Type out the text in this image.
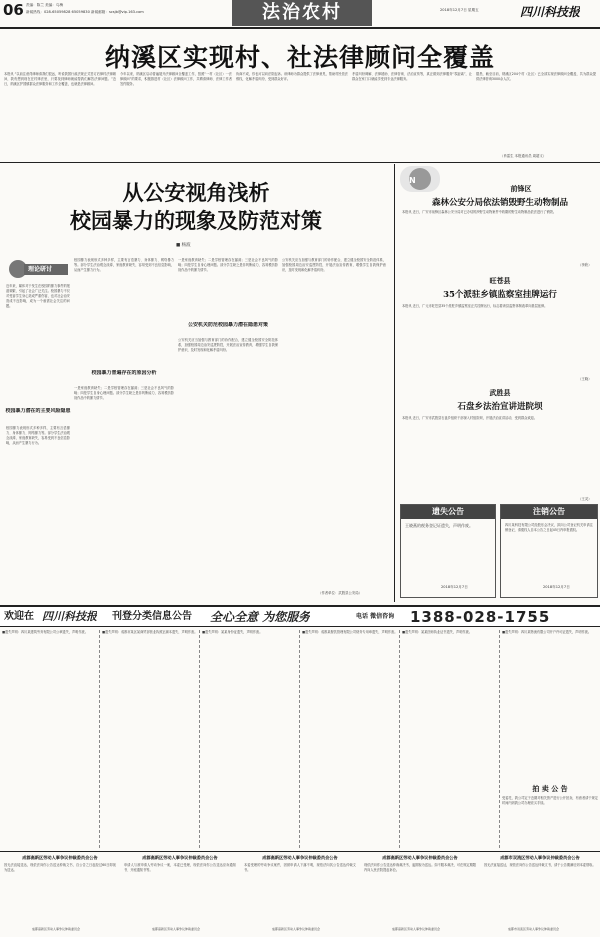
06 责编：陈兰 美编：乌梅
新闻热线：028-65059828 65059830 新闻邮箱：scsjb@vip.163.com	法治农村	2018年12月7日 星期五	四川科技报
纳溪区实现村、社法律顾问全覆盖
本报讯 “以前注意得律师请我们很远，听说我国行政法规正式签订后律村法律顾问，我有想到现在在村律法里，只要找到律师就能帮我们解答法律问题。”近日，纳溪区护国镇群众法律服务和工作全覆盖，也就是法律顾问。
今年以来，纳溪区启动普遍展开法律顾问全覆盖工作，按照“一村（社区）一法律顾问”的要求，积极推进村（社区）法律顾问工作，共聘请律师、法律工作者签约服务。
协商不成，你也可以向法院起诉。该律师为群众提供了法律意见，帮助村民依法维权，化解矛盾纠纷，受到群众好评。
矛盾纠纷调解、法律援助、法律咨询、法治宣传等，真正做到法律服务“零距离”，让群众在家门口就能享受到专业法律服务。
据悉，截至目前，纳溪区204个村（社区）已全部实现法律顾问全覆盖，共为群众提供法律咨询3000余人次。
（肖雷生 本报通讯员 周超义）
从公安视角浅析
校园暴力的现象及防范对策
■ 杨波
理论研讨
近年来，媒体对于发生在校园的暴力事件的报道频繁，引起了社会广泛关注。校园暴力不仅对受害学生身心造成严重伤害，也对社会治安造成不良影响，成为一个亟需社会关注的问题。
校园暴力潜在的主要风险隐患
校园暴力表现形式多种多样，主要有言语暴力、身体暴力、网络暴力等。部分学生法治观念淡薄，家庭教育缺失，容易受到不良信息影响，从而产生暴力行为。
校园暴力表现形式多种多样，主要有言语暴力、身体暴力、网络暴力等。部分学生法治观念淡薄，家庭教育缺失，容易受到不良信息影响，从而产生暴力行为。
校园暴力普遍存在的原因分析
一是家庭教育缺失；二是学校管理存在漏洞；三是社会不良风气的影响；四是学生自身心理问题。部分学生缺乏是非判断能力，容易模仿影视作品中的暴力情节。
一是家庭教育缺失；二是学校管理存在漏洞；三是社会不良风气的影响；四是学生自身心理问题。部分学生缺乏是非判断能力，容易模仿影视作品中的暴力情节。
公安机关防范校园暴力潜在隐患对策
公安机关应当加强与教育部门的协作配合，建立健全校园安全防范体系，加强校园周边治安巡逻防控，开展法治宣传教育，增强学生自我保护意识，及时发现和化解矛盾纠纷。
公安机关应当加强与教育部门的协作配合，建立健全校园安全防范体系，加强校园周边治安巡逻防控，开展法治宣传教育，增强学生自我保护意识，及时发现和化解矛盾纠纷。
（作者单位：武胜县公安局）
N
前锋区
森林公安分局依法销毁野生动物制品
本报讯 近日，广安市前锋区森林公安分局对已办结的涉野生动物案件中收缴的野生动物制品依法进行了销毁。
（李欣）
旺苍县
35个派驻乡镇监察室挂牌运行
本报讯 近日，广元市旺苍县35个派驻乡镇监察室正式挂牌运行，标志着该县监察体制改革向基层延伸。
（王晓）
武胜县
石盘乡法治宣讲进院坝
本报讯 近日，广安市武胜县石盘乡组织干部深入村组院坝，开展法治宣讲活动，受到群众欢迎。
（王灵）
遗失公告
王晓燕的税务登记证遗失，声明作废。
2018年12月7日
注销公告
四川某科技有限公司经股东会决议，拟向公司登记机关申请注销登记，请债权人自本公告之日起45日内申报债权。
2018年12月7日
欢迎在 四川科技报 刊登分类信息公告 全心全意 为您服务	电话 微信咨询 1388-028-1755
■遗失声明：四川某建筑劳务有限公司公章遗失，声明作废。	■遗失声明：成都市某区某商贸部营业执照正副本遗失，声明作废。	■遗失声明：某某身份证遗失，声明作废。	■遗失声明：成都某餐饮管理有限公司财务专用章遗失，声明作废。	■遗失声明：某某医师执业证书遗失，声明作废。	■遗失声明：四川某物流有限公司开户许可证遗失，声明作废。
拍 卖 公 告
受委托，我公司定于近期对相关资产进行公开拍卖，有意者请于规定时间内到我公司办理竞买手续。
成都高新区劳动人事争议仲裁委员会公告
因无法直接送达，现依法向你公告送达仲裁文书，自公告之日起经过60日即视为送达。
成都高新区劳动人事争议仲裁委员会
成都高新区劳动人事争议仲裁委员会公告
申请人与被申请人劳动争议一案，本委已受理，现依法向你公告送达应诉通知书、开庭通知书等。
成都高新区劳动人事争议仲裁委员会
成都高新区劳动人事争议仲裁委员会公告
本委受理的劳动争议案件，因被申请人下落不明，现依法向其公告送达仲裁文书。
成都高新区劳动人事争议仲裁委员会
成都高新区劳动人事争议仲裁委员会公告
现依法向你公告送达仲裁裁决书，逾期视为送达。如不服本裁决，可在规定期限内向人民法院提起诉讼。
成都高新区劳动人事争议仲裁委员会
成都市双流区劳动人事争议仲裁委员会公告
因无法直接送达，现依法向你公告送达仲裁文书，请于公告期满后到本委领取。
成都市双流区劳动人事争议仲裁委员会
